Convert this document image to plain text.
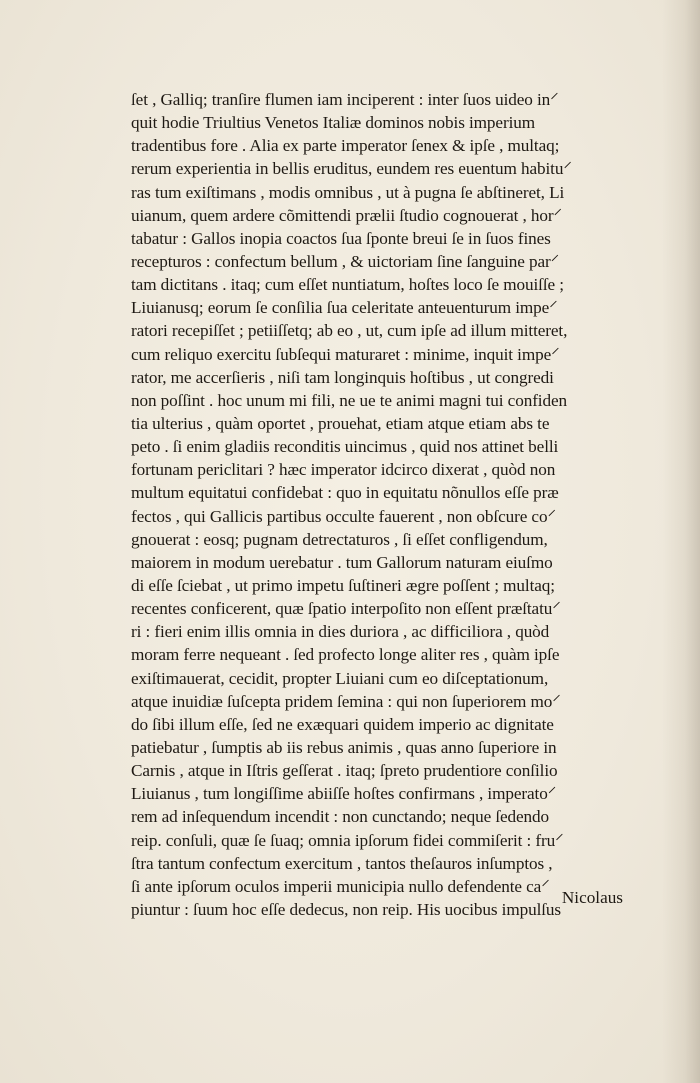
ſet , Galliq; tranſire flumen iam inciperent : inter ſuos uideo in⸍
quit hodie Triultius Venetos Italiæ dominos nobis imperium
tradentibus fore . Alia ex parte imperator ſenex & ipſe , multaq;
rerum experientia in bellis eruditus, eundem res euentum habitu⸍
ras tum exiſtimans , modis omnibus , ut à pugna ſe abſtineret, Li
uianum, quem ardere cõmittendi prælii ſtudio cognouerat , hor⸍
tabatur : Gallos inopia coactos ſua ſponte breui ſe in ſuos fines
recepturos : confectum bellum , & uictoriam ſine ſanguine par⸍
tam dictitans . itaq; cum eſſet nuntiatum, hoſtes loco ſe mouiſſe ;
Liuianusq; eorum ſe conſilia ſua celeritate anteuenturum impe⸍
ratori recepiſſet ; petiiſſetq; ab eo , ut, cum ipſe ad illum mitteret,
cum reliquo exercitu ſubſequi maturaret : minime, inquit impe⸍
rator, me accerſieris , niſi tam longinquis hoſtibus , ut congredi
non poſſint . hoc unum mi fili, ne ue te animi magni tui confiden
tia ulterius , quàm oportet , prouehat, etiam atque etiam abs te
peto . ſi enim gladiis reconditis uincimus , quid nos attinet belli
fortunam periclitari ? hæc imperator idcirco dixerat , quòd non
multum equitatui confidebat : quo in equitatu nõnullos eſſe præ
fectos , qui Gallicis partibus occulte fauerent , non obſcure co⸍
gnouerat : eosq; pugnam detrectaturos , ſi eſſet confligendum,
maiorem in modum uerebatur . tum Gallorum naturam eiuſmo
di eſſe ſciebat , ut primo impetu ſuſtineri ægre poſſent ; multaq;
recentes conficerent, quæ ſpatio interpoſito non eſſent præſtatu⸍
ri : fieri enim illis omnia in dies duriora , ac difficiliora , quòd
moram ferre nequeant . ſed profecto longe aliter res , quàm ipſe
exiſtimauerat, cecidit, propter Liuiani cum eo diſceptationum,
atque inuidiæ ſuſcepta pridem ſemina : qui non ſuperiorem mo⸍
do ſibi illum eſſe, ſed ne exæquari quidem imperio ac dignitate
patiebatur , ſumptis ab iis rebus animis , quas anno ſuperiore in
Carnis , atque in Iſtris geſſerat . itaq; ſpreto prudentiore conſilio
Liuianus , tum longiſſime abiiſſe hoſtes confirmans , imperato⸍
rem ad inſequendum incendit : non cunctando; neque ſedendo
reip. conſuli, quæ ſe ſuaq; omnia ipſorum fidei commiſerit : fru⸍
ſtra tantum confectum exercitum , tantos theſauros inſumptos ,
ſi ante ipſorum oculos imperii municipia nullo defendente ca⸍
piuntur : ſuum hoc eſſe dedecus, non reip. His uocibus impulſus
Nicolaus
